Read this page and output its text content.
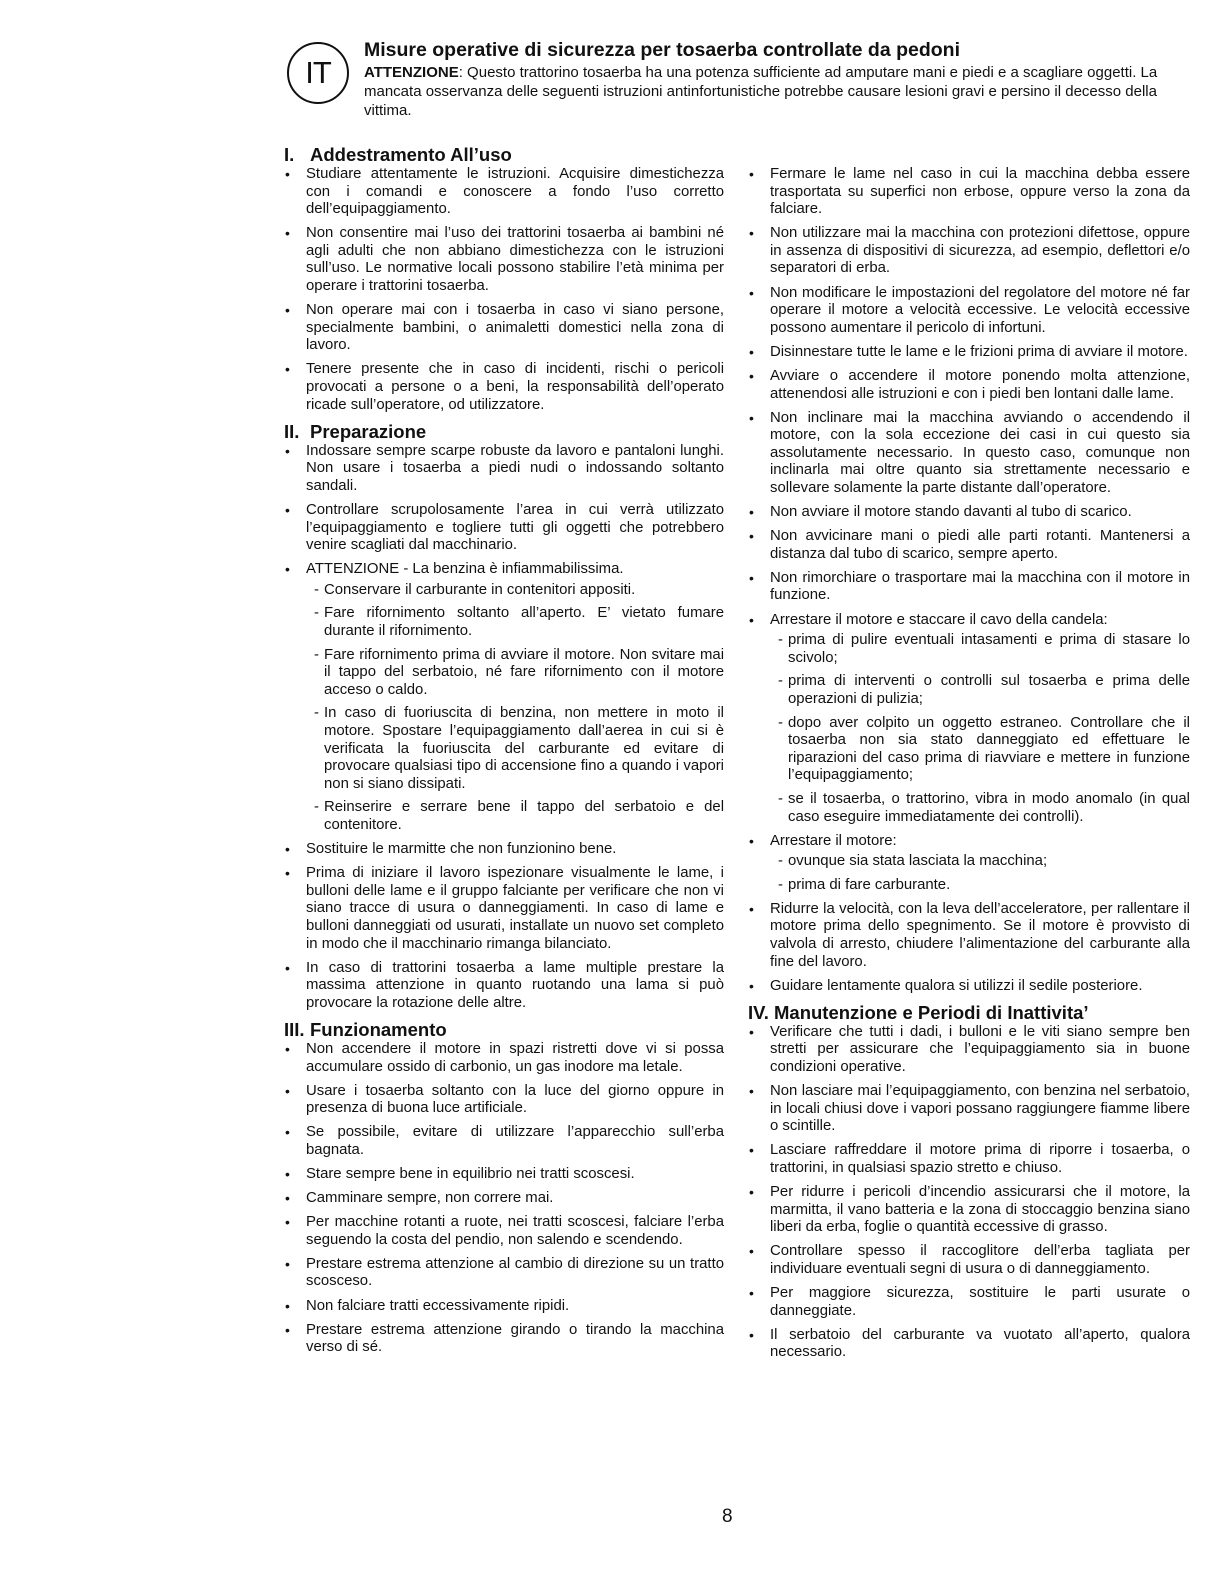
IT

Misure operative di sicurezza per tosaerba controllate da pedoni

ATTENZIONE: Questo trattorino tosaerba ha una potenza sufficiente ad amputare mani e piedi e a scagliare oggetti. La mancata osservanza delle seguenti istruzioni antinfortunistiche potrebbe causare lesioni gravi e persino il decesso della vittima.

I. Addestramento All’uso
• Studiare attentamente le istruzioni. Acquisire dimestichezza con i comandi e conoscere a fondo l’uso corretto dell’equipaggiamento.
• Non consentire mai l’uso dei trattorini tosaerba ai bambini né agli adulti che non abbiano dimestichezza con le istruzioni sull’uso. Le normative locali possono stabilire l’età minima per operare i trattorini tosaerba.
• Non operare mai con i tosaerba in caso vi siano persone, specialmente bambini, o animaletti domestici nella zona di lavoro.
• Tenere presente che in caso di incidenti, rischi o pericoli provocati a persone o a beni, la responsabilità dell’operato ricade sull’operatore, od utilizzatore.
II. Preparazione
• Indossare sempre scarpe robuste da lavoro e pantaloni lunghi. Non usare i tosaerba a piedi nudi o indossando soltanto sandali.
• Controllare scrupolosamente l’area in cui verrà utilizzato l’equipaggiamento e togliere tutti gli oggetti che potrebbero venire scagliati dal macchinario.
• ATTENZIONE - La benzina è infiammabilissima.
- Conservare il carburante in contenitori appositi.
- Fare rifornimento soltanto all’aperto. E’ vietato fumare durante il rifornimento.
- Fare rifornimento prima di avviare il motore. Non svitare mai il tappo del serbatoio, né fare rifornimento con il motore acceso o caldo.
- In caso di fuoriuscita di benzina, non mettere in moto il motore. Spostare l’equipaggiamento dall’aerea in cui si è verificata la fuoriuscita del carburante ed evitare di provocare qualsiasi tipo di accensione fino a quando i vapori non si siano dissipati.
- Reinserire e serrare bene il tappo del serbatoio e del contenitore.
• Sostituire le marmitte che non funzionino bene.
• Prima di iniziare il lavoro ispezionare visualmente le lame, i bulloni delle lame e il gruppo falciante per verificare che non vi siano tracce di usura o danneggiamenti. In caso di lame e bulloni danneggiati od usurati, installate un nuovo set completo in modo che il macchinario rimanga bilanciato.
• In caso di trattorini tosaerba a lame multiple prestare la massima attenzione in quanto ruotando una lama si può provocare la rotazione delle altre.
III. Funzionamento
• Non accendere il motore in spazi ristretti dove vi si possa accumulare ossido di carbonio, un gas inodore ma letale.
• Usare i tosaerba soltanto con la luce del giorno oppure in presenza di buona luce artificiale.
• Se possibile, evitare di utilizzare l’apparecchio sull’erba bagnata.
• Stare sempre bene in equilibrio nei tratti scoscesi.
• Camminare sempre, non correre mai.
• Per macchine rotanti a ruote, nei tratti scoscesi, falciare l’erba seguendo la costa del pendio, non salendo e scendendo.
• Prestare estrema attenzione al cambio di direzione su un tratto scosceso.
• Non falciare tratti eccessivamente ripidi.
• Prestare estrema attenzione girando o tirando la macchina verso di sé.
• Fermare le lame nel caso in cui la macchina debba essere trasportata su superfici non erbose, oppure verso la zona da falciare.
• Non utilizzare mai la macchina con protezioni difettose, oppure in assenza di dispositivi di sicurezza, ad esempio, deflettori e/o separatori di erba.
• Non modificare le impostazioni del regolatore del motore né far operare il motore a velocità eccessive. Le velocità eccessive possono aumentare il pericolo di infortuni.
• Disinnestare tutte le lame e le frizioni prima di avviare il motore.
• Avviare o accendere il motore ponendo molta attenzione, attenendosi alle istruzioni e con i piedi ben lontani dalle lame.
• Non inclinare mai la macchina avviando o accendendo il motore, con la sola eccezione dei casi in cui questo sia assolutamente necessario. In questo caso, comunque non inclinarla mai oltre quanto sia strettamente necessario e sollevare solamente la parte distante dall’operatore.
• Non avviare il motore stando davanti al tubo di scarico.
• Non avvicinare mani o piedi alle parti rotanti. Mantenersi a distanza dal tubo di scarico, sempre aperto.
• Non rimorchiare o trasportare mai la macchina con il motore in funzione.
• Arrestare il motore e staccare il cavo della candela:
- prima di pulire eventuali intasamenti e prima di stasare lo scivolo;
- prima di interventi o controlli sul tosaerba e prima delle operazioni di pulizia;
- dopo aver colpito un oggetto estraneo. Controllare che il tosaerba non sia stato danneggiato ed effettuare le riparazioni del caso prima di riavviare e mettere in funzione l’equipaggiamento;
- se il tosaerba, o trattorino, vibra in modo anomalo (in qual caso eseguire immediatamente dei controlli).
• Arrestare il motore:
- ovunque sia stata lasciata la macchina;
- prima di fare carburante.
• Ridurre la velocità, con la leva dell’acceleratore, per rallentare il motore prima dello spegnimento. Se il motore è provvisto di valvola di arresto, chiudere l’alimentazione del carburante alla fine del lavoro.
• Guidare lentamente qualora si utilizzi il sedile posteriore.
IV. Manutenzione e Periodi di Inattivita’
• Verificare che tutti i dadi, i bulloni e le viti siano sempre ben stretti per assicurare che l’equipaggiamento sia in buone condizioni operative.
• Non lasciare mai l’equipaggiamento, con benzina nel serbatoio, in locali chiusi dove i vapori possano raggiungere fiamme libere o scintille.
• Lasciare raffreddare il motore prima di riporre i tosaerba, o trattorini, in qualsiasi spazio stretto e chiuso.
• Per ridurre i pericoli d’incendio assicurarsi che il motore, la marmitta, il vano batteria e la zona di stoccaggio benzina siano liberi da erba, foglie o quantità eccessive di grasso.
• Controllare spesso il raccoglitore dell’erba tagliata per individuare eventuali segni di usura o di danneggiamento.
• Per maggiore sicurezza, sostituire le parti usurate o danneggiate.
• Il serbatoio del carburante va vuotato all’aperto, qualora necessario.
8
